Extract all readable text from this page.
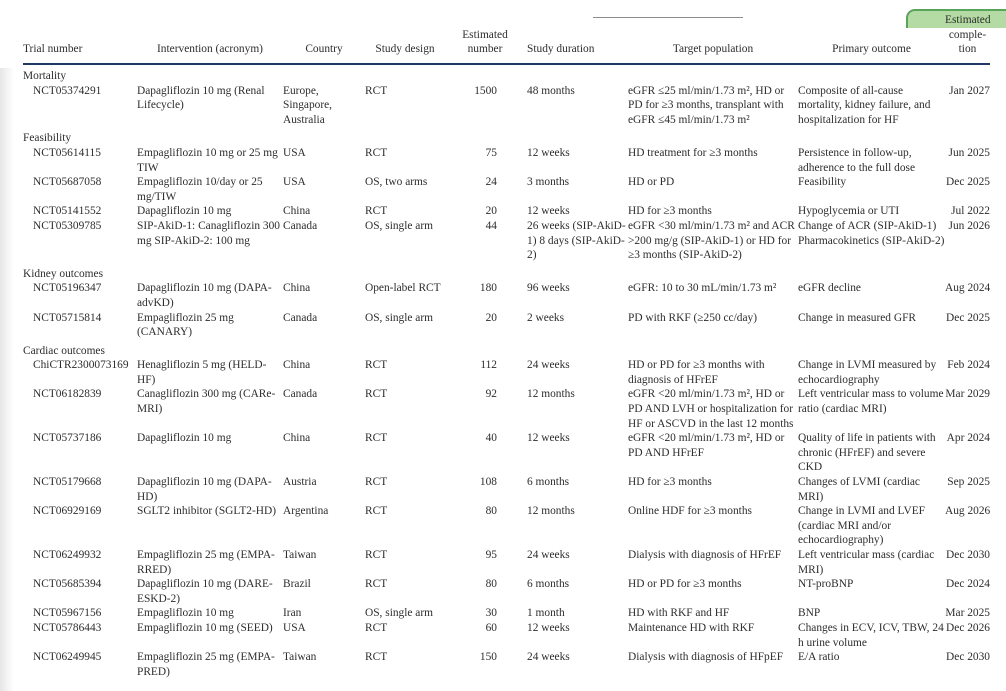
Trial number	Intervention (acronym)	Country	Study design	Estimated number	Study duration	Target population	Primary outcome	Estimated comple-tion
Mortality
NCT05374291	Dapagliflozin 10 mg (Renal Lifecycle)	Europe, Singapore, Australia	RCT	1500	48 months	eGFR ≤25 ml/min/1.73 m², HD or PD for ≥3 months, transplant with eGFR ≤45 ml/min/1.73 m²	Composite of all-cause mortality, kidney failure, and hospitalization for HF	Jan 2027
Feasibility
NCT05614115	Empagliflozin 10 mg or 25 mg TIW	USA	RCT	75	12 weeks	HD treatment for ≥3 months	Persistence in follow-up, adherence to the full dose	Jun 2025
NCT05687058	Empagliflozin 10/day or 25 mg/TIW	USA	OS, two arms	24	3 months	HD or PD	Feasibility	Dec 2025
NCT05141552	Dapagliflozin 10 mg	China	RCT	20	12 weeks	HD for ≥3 months	Hypoglycemia or UTI	Jul 2022
NCT05309785	SIP-AkiD-1: Canagliflozin 300 mg SIP-AkiD-2: 100 mg	Canada	OS, single arm	44	26 weeks (SIP-AkiD-1) 8 days (SIP-AkiD-2)	eGFR <30 ml/min/1.73 m² and ACR >200 mg/g (SIP-AkiD-1) or HD for ≥3 months (SIP-AkiD-2)	Change of ACR (SIP-AkiD-1) Pharmacokinetics (SIP-AkiD-2)	Jun 2026
Kidney outcomes
NCT05196347	Dapagliflozin 10 mg (DAPA-advKD)	China	Open-label RCT	180	96 weeks	eGFR: 10 to 30 mL/min/1.73 m²	eGFR decline	Aug 2024
NCT05715814	Empagliflozin 25 mg (CANARY)	Canada	OS, single arm	20	2 weeks	PD with RKF (≥250 cc/day)	Change in measured GFR	Dec 2025
Cardiac outcomes
ChiCTR2300073169	Henagliflozin 5 mg (HELD-HF)	China	RCT	112	24 weeks	HD or PD for ≥3 months with diagnosis of HFrEF	Change in LVMI measured by echocardiography	Feb 2024
NCT06182839	Canagliflozin 300 mg (CARe-MRI)	Canada	RCT	92	12 months	eGFR <20 ml/min/1.73 m², HD or PD AND LVH or hospitalization for HF or ASCVD in the last 12 months	Left ventricular mass to volume ratio (cardiac MRI)	Mar 2029
NCT05737186	Dapagliflozin 10 mg	China	RCT	40	12 weeks	eGFR <20 ml/min/1.73 m², HD or PD AND HFrEF	Quality of life in patients with chronic (HFrEF) and severe CKD	Apr 2024
NCT05179668	Dapagliflozin 10 mg (DAPA-HD)	Austria	RCT	108	6 months	HD for ≥3 months	Changes of LVMI (cardiac MRI)	Sep 2025
NCT06929169	SGLT2 inhibitor (SGLT2-HD)	Argentina	RCT	80	12 months	Online HDF for ≥3 months	Change in LVMI and LVEF (cardiac MRI and/or echocardiography)	Aug 2026
NCT06249932	Empagliflozin 25 mg (EMPA-RRED)	Taiwan	RCT	95	24 weeks	Dialysis with diagnosis of HFrEF	Left ventricular mass (cardiac MRI)	Dec 2030
NCT05685394	Dapagliflozin 10 mg (DARE-ESKD-2)	Brazil	RCT	80	6 months	HD or PD for ≥3 months	NT-proBNP	Dec 2024
NCT05967156	Empagliflozin 10 mg	Iran	OS, single arm	30	1 month	HD with RKF and HF	BNP	Mar 2025
NCT05786443	Empagliflozin 10 mg (SEED)	USA	RCT	60	12 weeks	Maintenance HD with RKF	Changes in ECV, ICV, TBW, 24 h urine volume	Dec 2026
NCT06249945	Empagliflozin 25 mg (EMPA-PRED)	Taiwan	RCT	150	24 weeks	Dialysis with diagnosis of HFpEF	E/A ratio	Dec 2030
